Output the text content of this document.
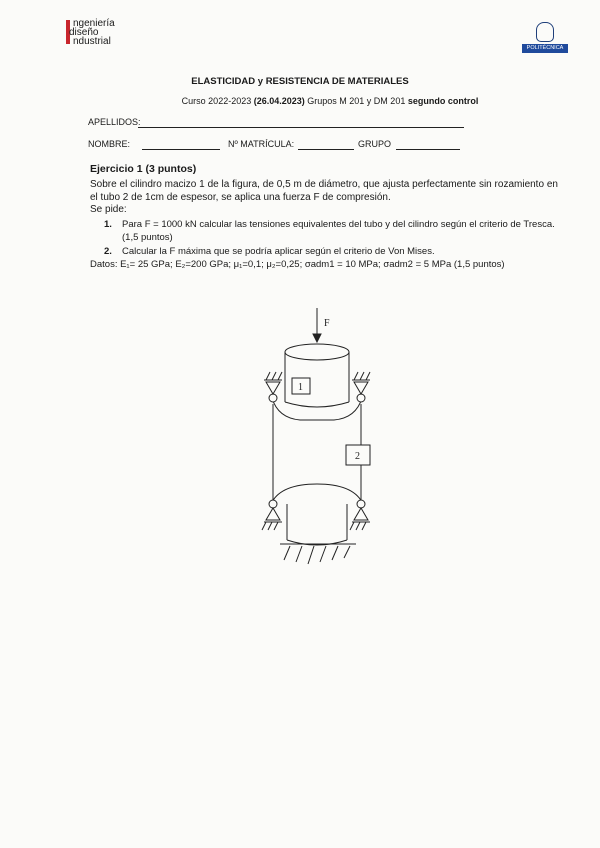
ngeniería
diseño
ndustrial
POLITÉCNICA
ELASTICIDAD y RESISTENCIA DE MATERIALES
Curso 2022-2023 (26.04.2023) Grupos M 201 y DM 201 segundo control
APELLIDOS:
NOMBRE:	Nº MATRÍCULA:	GRUPO
Ejercicio 1 (3 puntos)
Sobre el cilindro macizo 1 de la figura, de 0,5 m de diámetro, que ajusta perfectamente sin rozamiento en el tubo 2 de 1cm de espesor, se aplica una fuerza F de compresión.
Se pide:
1. Para F = 1000 kN calcular las tensiones equivalentes del tubo y del cilindro según el criterio de Tresca. (1,5 puntos)
2. Calcular la F máxima que se podría aplicar según el criterio de Von Mises.
Datos: E₁= 25 GPa; E₂=200 GPa; μ₁=0,1; μ₂=0,25; σadm1 = 10 MPa; σadm2 = 5 MPa (1,5 puntos)
F
1
2
